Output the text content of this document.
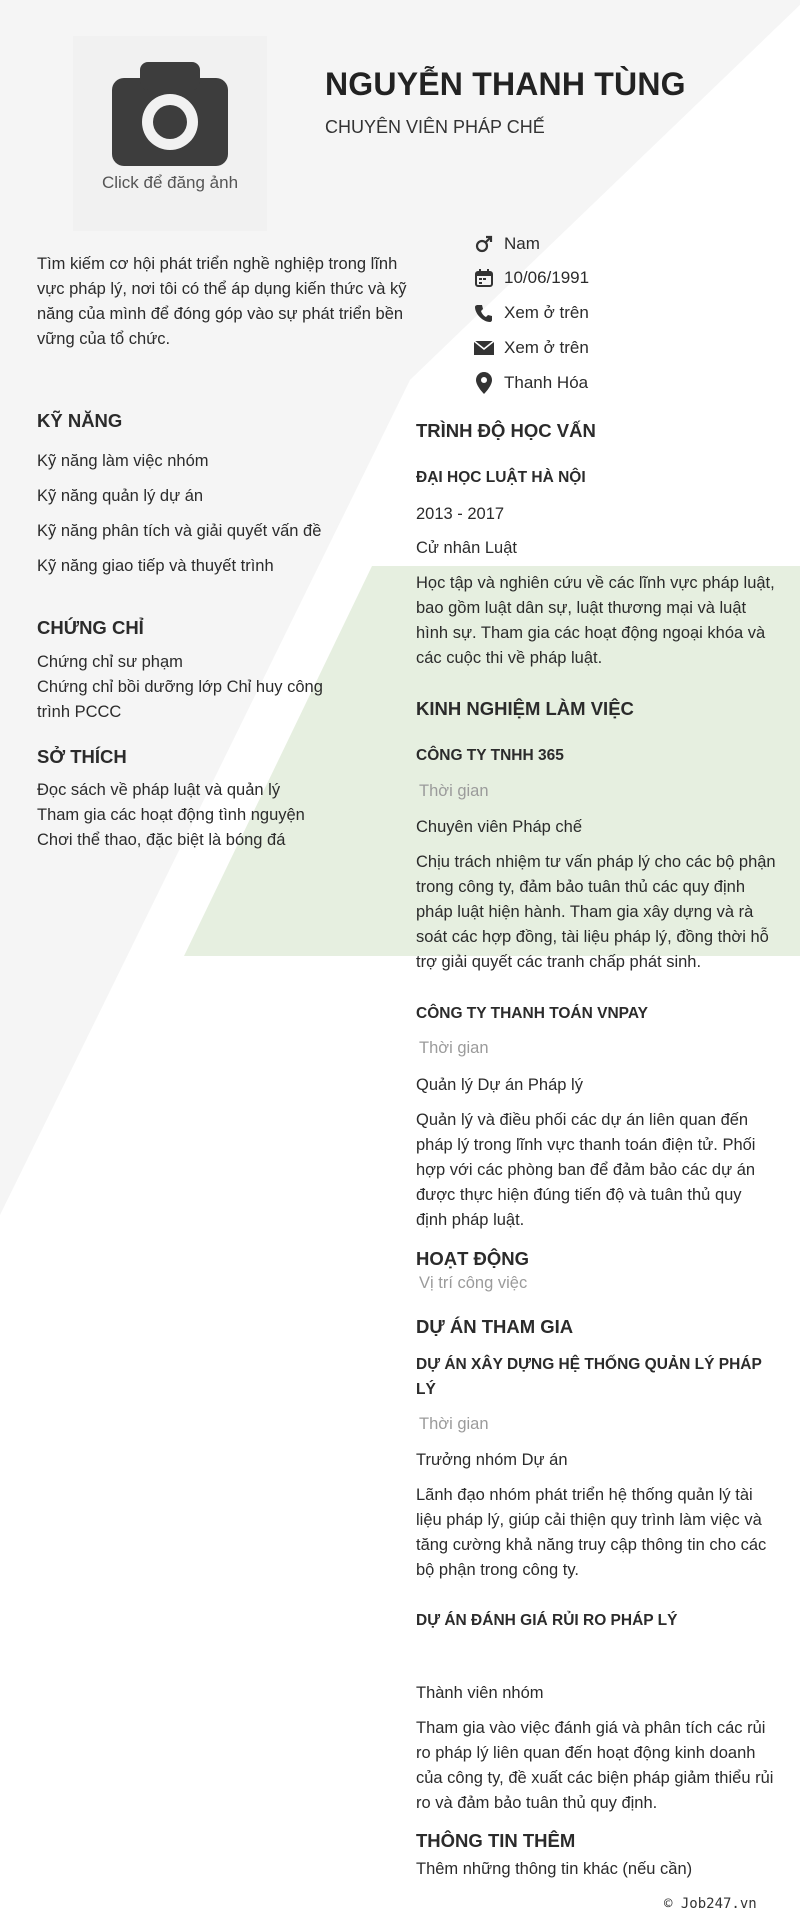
Click để đăng ảnh
NGUYỄN THANH TÙNG
CHUYÊN VIÊN PHÁP CHẾ
Tìm kiếm cơ hội phát triển nghề nghiệp trong lĩnh vực pháp lý, nơi tôi có thể áp dụng kiến thức và kỹ năng của mình để đóng góp vào sự phát triển bền vững của tổ chức.
Nam
10/06/1991
Xem ở trên
Xem ở trên
Thanh Hóa
KỸ NĂNG
Kỹ năng làm việc nhóm
Kỹ năng quản lý dự án
Kỹ năng phân tích và giải quyết vấn đề
Kỹ năng giao tiếp và thuyết trình
CHỨNG CHỈ
Chứng chỉ sư phạm
Chứng chỉ bồi dưỡng lớp Chỉ huy công trình PCCC
SỞ THÍCH
Đọc sách về pháp luật và quản lý
Tham gia các hoạt động tình nguyện
Chơi thể thao, đặc biệt là bóng đá
TRÌNH ĐỘ HỌC VẤN
ĐẠI HỌC LUẬT HÀ NỘI
2013 - 2017
Cử nhân Luật
Học tập và nghiên cứu về các lĩnh vực pháp luật, bao gồm luật dân sự, luật thương mại và luật hình sự. Tham gia các hoạt động ngoại khóa và các cuộc thi về pháp luật.
KINH NGHIỆM LÀM VIỆC
CÔNG TY TNHH 365
Thời gian
Chuyên viên Pháp chế
Chịu trách nhiệm tư vấn pháp lý cho các bộ phận trong công ty, đảm bảo tuân thủ các quy định pháp luật hiện hành. Tham gia xây dựng và rà soát các hợp đồng, tài liệu pháp lý, đồng thời hỗ trợ giải quyết các tranh chấp phát sinh.
CÔNG TY THANH TOÁN VNPAY
Thời gian
Quản lý Dự án Pháp lý
Quản lý và điều phối các dự án liên quan đến pháp lý trong lĩnh vực thanh toán điện tử. Phối hợp với các phòng ban để đảm bảo các dự án được thực hiện đúng tiến độ và tuân thủ quy định pháp luật.
HOẠT ĐỘNG
Vị trí công việc
DỰ ÁN THAM GIA
DỰ ÁN XÂY DỰNG HỆ THỐNG QUẢN LÝ PHÁP LÝ
Thời gian
Trưởng nhóm Dự án
Lãnh đạo nhóm phát triển hệ thống quản lý tài liệu pháp lý, giúp cải thiện quy trình làm việc và tăng cường khả năng truy cập thông tin cho các bộ phận trong công ty.
DỰ ÁN ĐÁNH GIÁ RỦI RO PHÁP LÝ
Thành viên nhóm
Tham gia vào việc đánh giá và phân tích các rủi ro pháp lý liên quan đến hoạt động kinh doanh của công ty, đề xuất các biện pháp giảm thiểu rủi ro và đảm bảo tuân thủ quy định.
THÔNG TIN THÊM
Thêm những thông tin khác (nếu cần)
© Job247.vn
